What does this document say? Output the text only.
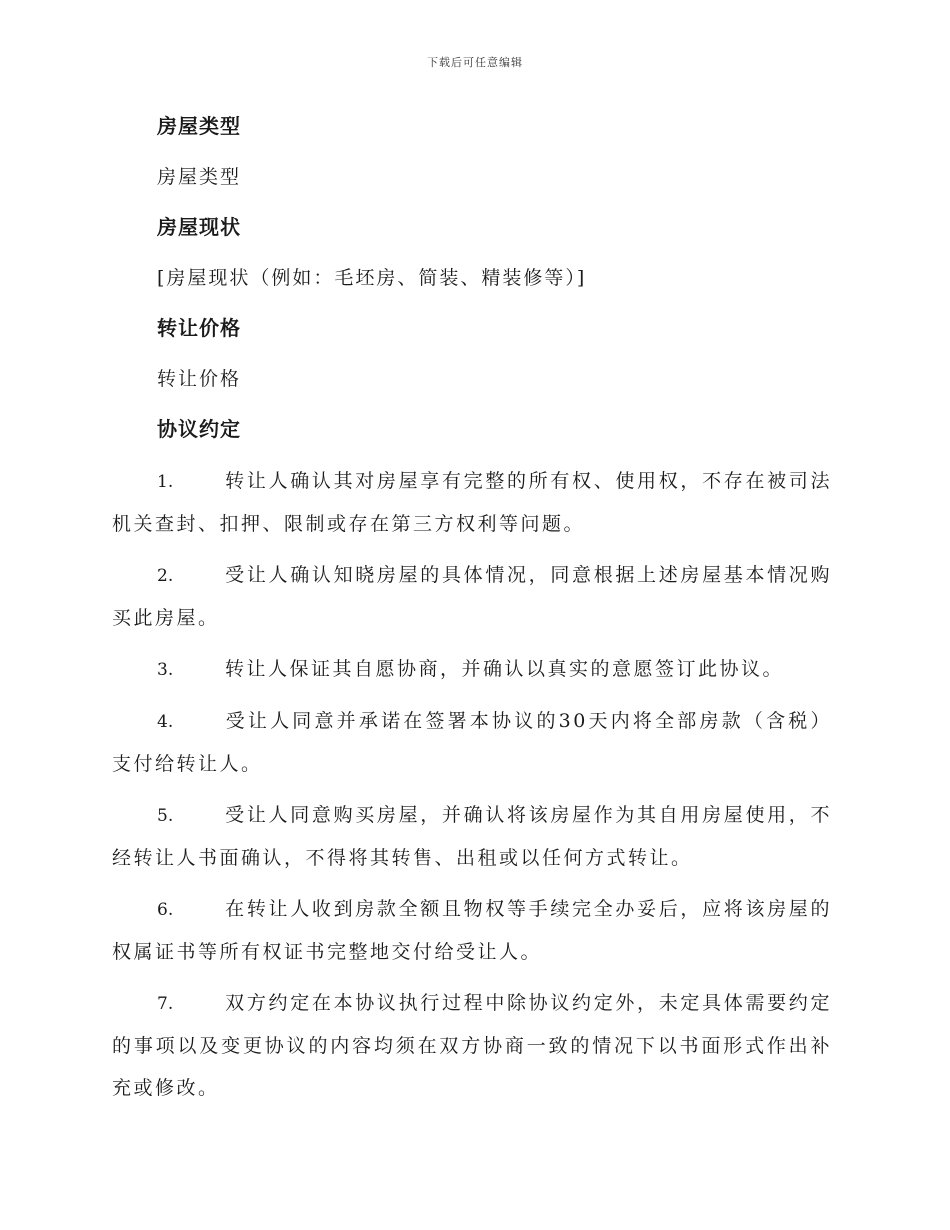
下载后可任意编辑
房屋类型
房屋类型
房屋现状
[房屋现状（例如：毛坯房、简装、精装修等）]
转让价格
转让价格
协议约定
1.	转让人确认其对房屋享有完整的所有权、使用权，不存在被司法机关查封、扣押、限制或存在第三方权利等问题。
2.	受让人确认知晓房屋的具体情况，同意根据上述房屋基本情况购买此房屋。
3.	转让人保证其自愿协商，并确认以真实的意愿签订此协议。
4.	受让人同意并承诺在签署本协议的30天内将全部房款（含税）支付给转让人。
5.	受让人同意购买房屋，并确认将该房屋作为其自用房屋使用，不经转让人书面确认，不得将其转售、出租或以任何方式转让。
6.	在转让人收到房款全额且物权等手续完全办妥后，应将该房屋的权属证书等所有权证书完整地交付给受让人。
7.	双方约定在本协议执行过程中除协议约定外，未定具体需要约定的事项以及变更协议的内容均须在双方协商一致的情况下以书面形式作出补充或修改。
